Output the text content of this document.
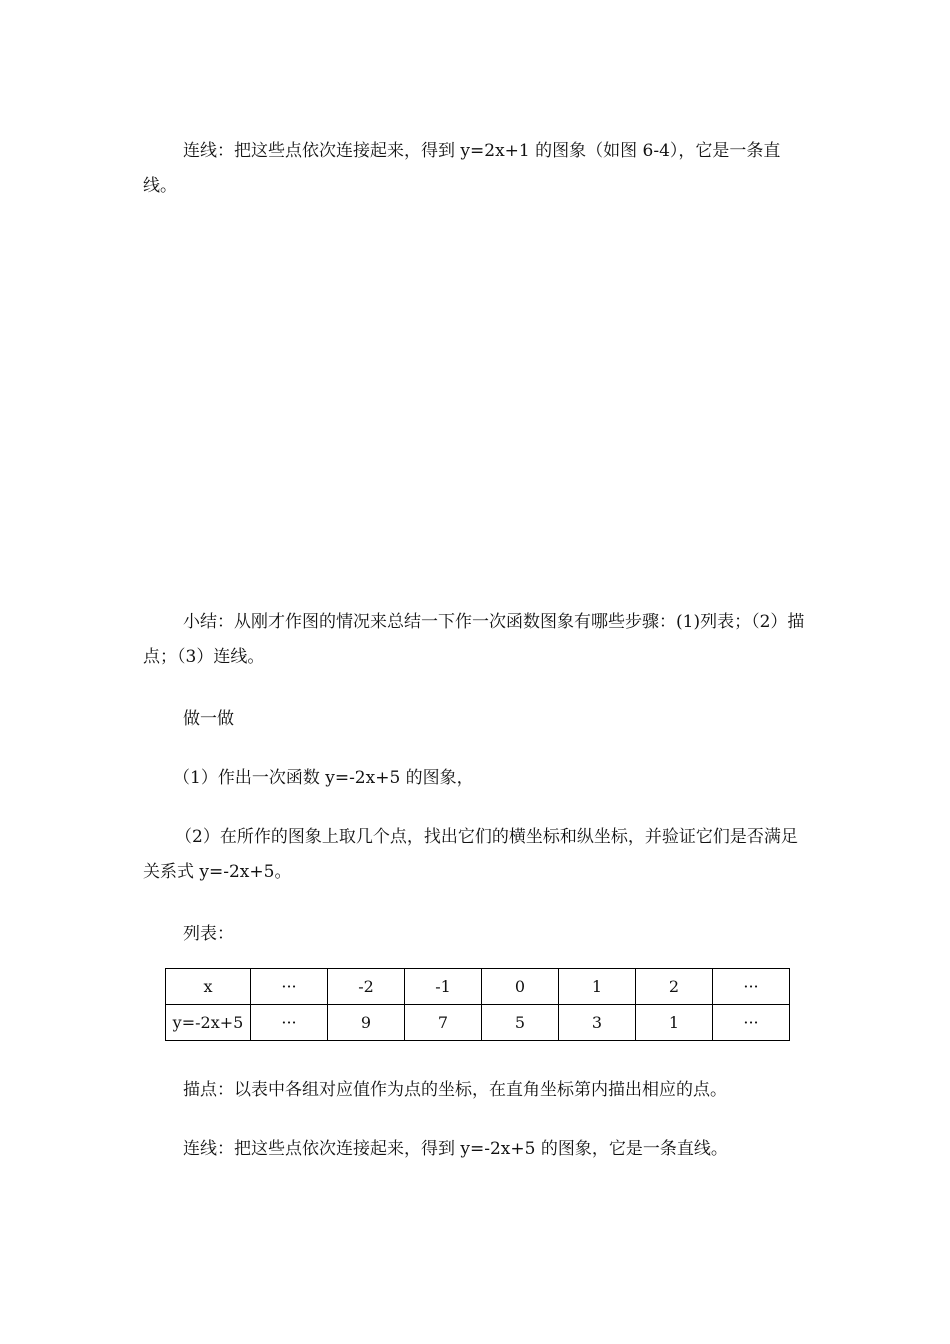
连线：把这些点依次连接起来，得到 y=2x+1 的图象（如图 6-4），它是一条直线。

小结：从刚才作图的情况来总结一下作一次函数图象有哪些步骤：(1)列表；（2）描点；（3）连线。

做一做

（1）作出一次函数 y=-2x+5 的图象，

（2）在所作的图象上取几个点，找出它们的横坐标和纵坐标，并验证它们是否满足关系式 y=-2x+5。

列表：

x	···	-2	-1	0	1	2	···
y=-2x+5	···	9	7	5	3	1	···

描点：以表中各组对应值作为点的坐标，在直角坐标第内描出相应的点。

连线：把这些点依次连接起来，得到 y=-2x+5 的图象，它是一条直线。
